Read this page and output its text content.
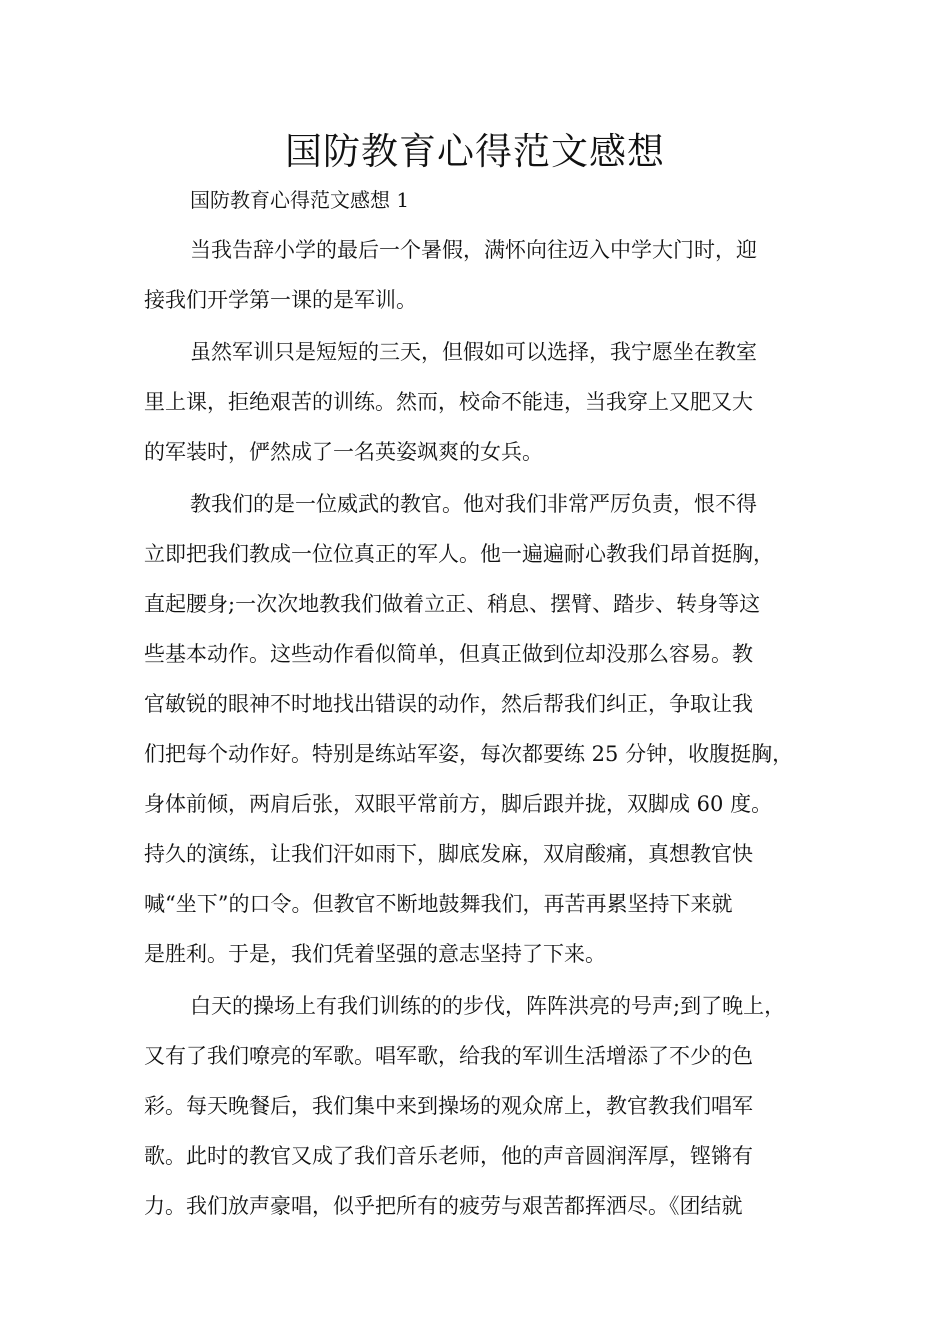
国防教育心得范文感想

国防教育心得范文感想 1

当我告辞小学的最后一个暑假，满怀向往迈入中学大门时，迎
接我们开学第一课的是军训。
虽然军训只是短短的三天，但假如可以选择，我宁愿坐在教室
里上课，拒绝艰苦的训练。然而，校命不能违，当我穿上又肥又大
的军装时，俨然成了一名英姿飒爽的女兵。
教我们的是一位威武的教官。他对我们非常严厉负责，恨不得
立即把我们教成一位位真正的军人。他一遍遍耐心教我们昂首挺胸，
直起腰身;一次次地教我们做着立正、稍息、摆臂、踏步、转身等这
些基本动作。这些动作看似简单，但真正做到位却没那么容易。教
官敏锐的眼神不时地找出错误的动作，然后帮我们纠正，争取让我
们把每个动作好。特别是练站军姿，每次都要练 25 分钟，收腹挺胸，
身体前倾，两肩后张，双眼平常前方，脚后跟并拢，双脚成 60 度。
持久的演练，让我们汗如雨下，脚底发麻，双肩酸痛，真想教官快
喊“坐下”的口令。但教官不断地鼓舞我们，再苦再累坚持下来就
是胜利。于是，我们凭着坚强的意志坚持了下来。
白天的操场上有我们训练的的步伐，阵阵洪亮的号声;到了晚上，
又有了我们嘹亮的军歌。唱军歌，给我的军训生活增添了不少的色
彩。每天晚餐后，我们集中来到操场的观众席上，教官教我们唱军
歌。此时的教官又成了我们音乐老师，他的声音圆润浑厚，铿锵有
力。我们放声豪唱，似乎把所有的疲劳与艰苦都挥洒尽。《团结就
